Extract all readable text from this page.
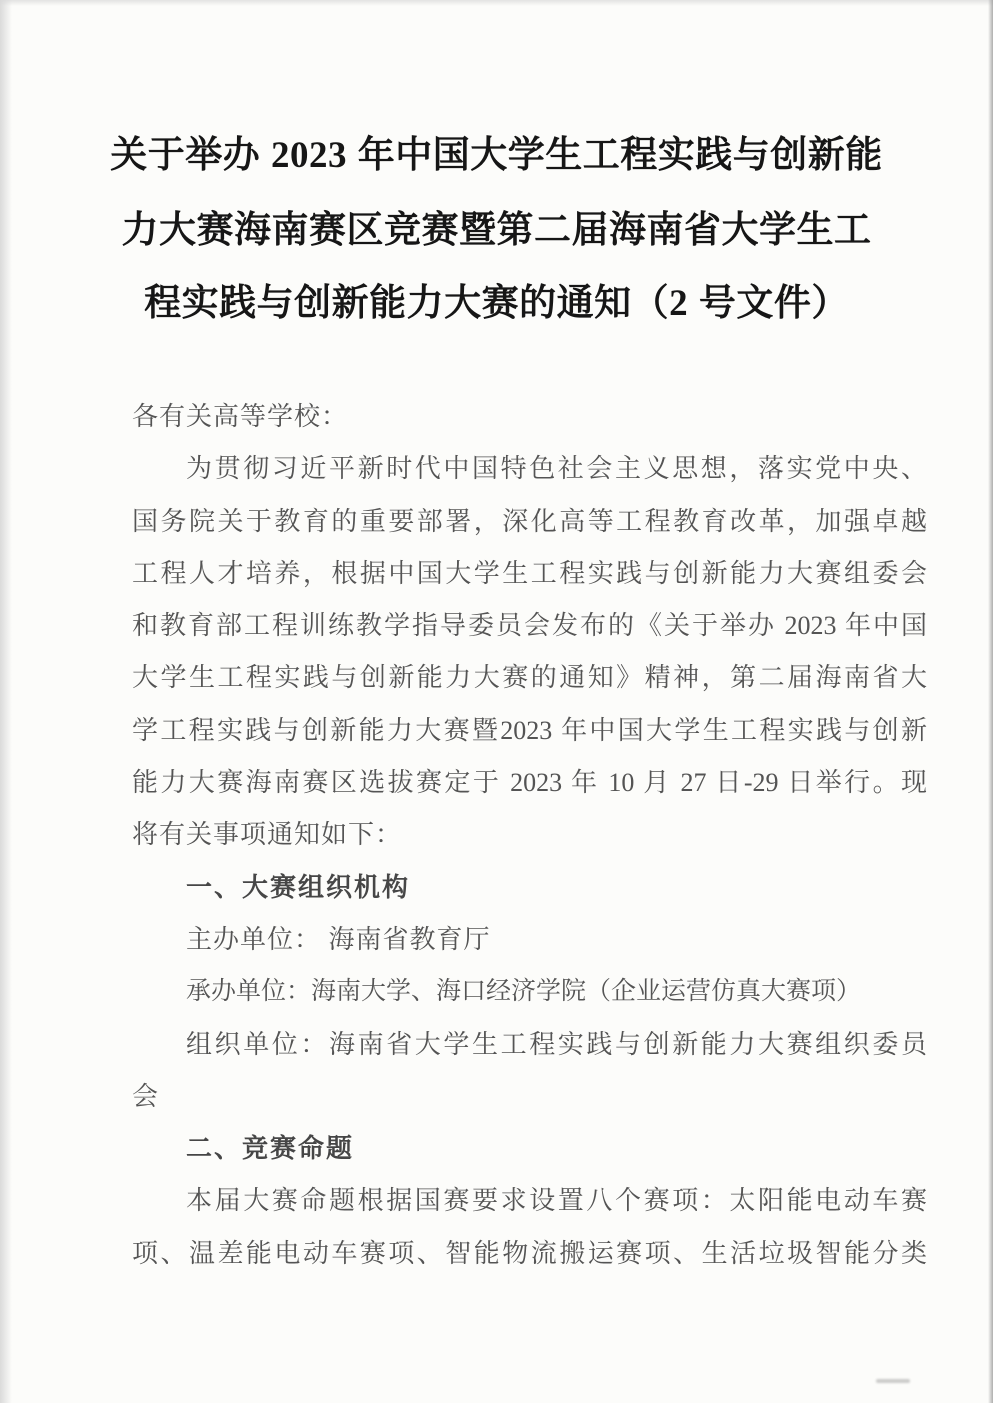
关于举办 2023 年中国大学生工程实践与创新能
力大赛海南赛区竞赛暨第二届海南省大学生工
程实践与创新能力大赛的通知（2 号文件）
各有关高等学校：
为贯彻习近平新时代中国特色社会主义思想，落实党中央、
国务院关于教育的重要部署，深化高等工程教育改革，加强卓越
工程人才培养，根据中国大学生工程实践与创新能力大赛组委会
和教育部工程训练教学指导委员会发布的《关于举办 2023 年中国
大学生工程实践与创新能力大赛的通知》精神，第二届海南省大
学工程实践与创新能力大赛暨2023 年中国大学生工程实践与创新
能力大赛海南赛区选拔赛定于 2023 年 10 月 27 日-29 日举行。现
将有关事项通知如下：
一、大赛组织机构
主办单位： 海南省教育厅
承办单位：海南大学、海口经济学院（企业运营仿真大赛项）
组织单位：海南省大学生工程实践与创新能力大赛组织委员
会
二、竞赛命题
本届大赛命题根据国赛要求设置八个赛项：太阳能电动车赛
项、温差能电动车赛项、智能物流搬运赛项、生活垃圾智能分类
